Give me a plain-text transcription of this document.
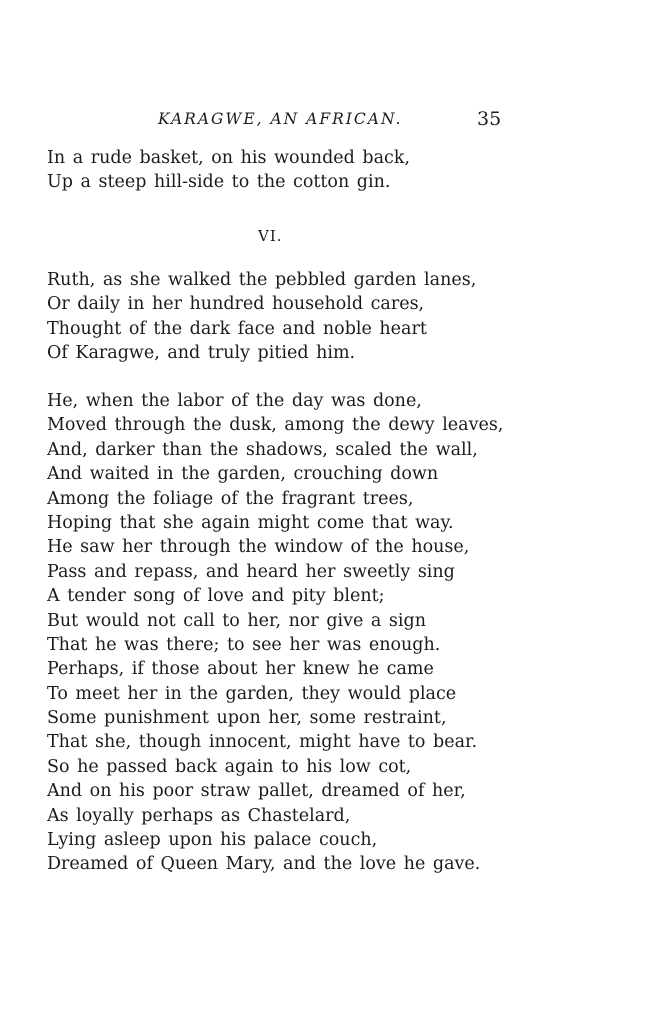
KARAGWE, AN AFRICAN.	35
In a rude basket, on his wounded back,
Up a steep hill-side to the cotton gin.
VI.
Ruth, as she walked the pebbled garden lanes,
Or daily in her hundred household cares,
Thought of the dark face and noble heart
Of Karagwe, and truly pitied him.
He, when the labor of the day was done,
Moved through the dusk, among the dewy leaves,
And, darker than the shadows, scaled the wall,
And waited in the garden, crouching down
Among the foliage of the fragrant trees,
Hoping that she again might come that way.
He saw her through the window of the house,
Pass and repass, and heard her sweetly sing
A tender song of love and pity blent;
But would not call to her, nor give a sign
That he was there; to see her was enough.
Perhaps, if those about her knew he came
To meet her in the garden, they would place
Some punishment upon her, some restraint,
That she, though innocent, might have to bear.
So he passed back again to his low cot,
And on his poor straw pallet, dreamed of her,
As loyally perhaps as Chastelard,
Lying asleep upon his palace couch,
Dreamed of Queen Mary, and the love he gave.
